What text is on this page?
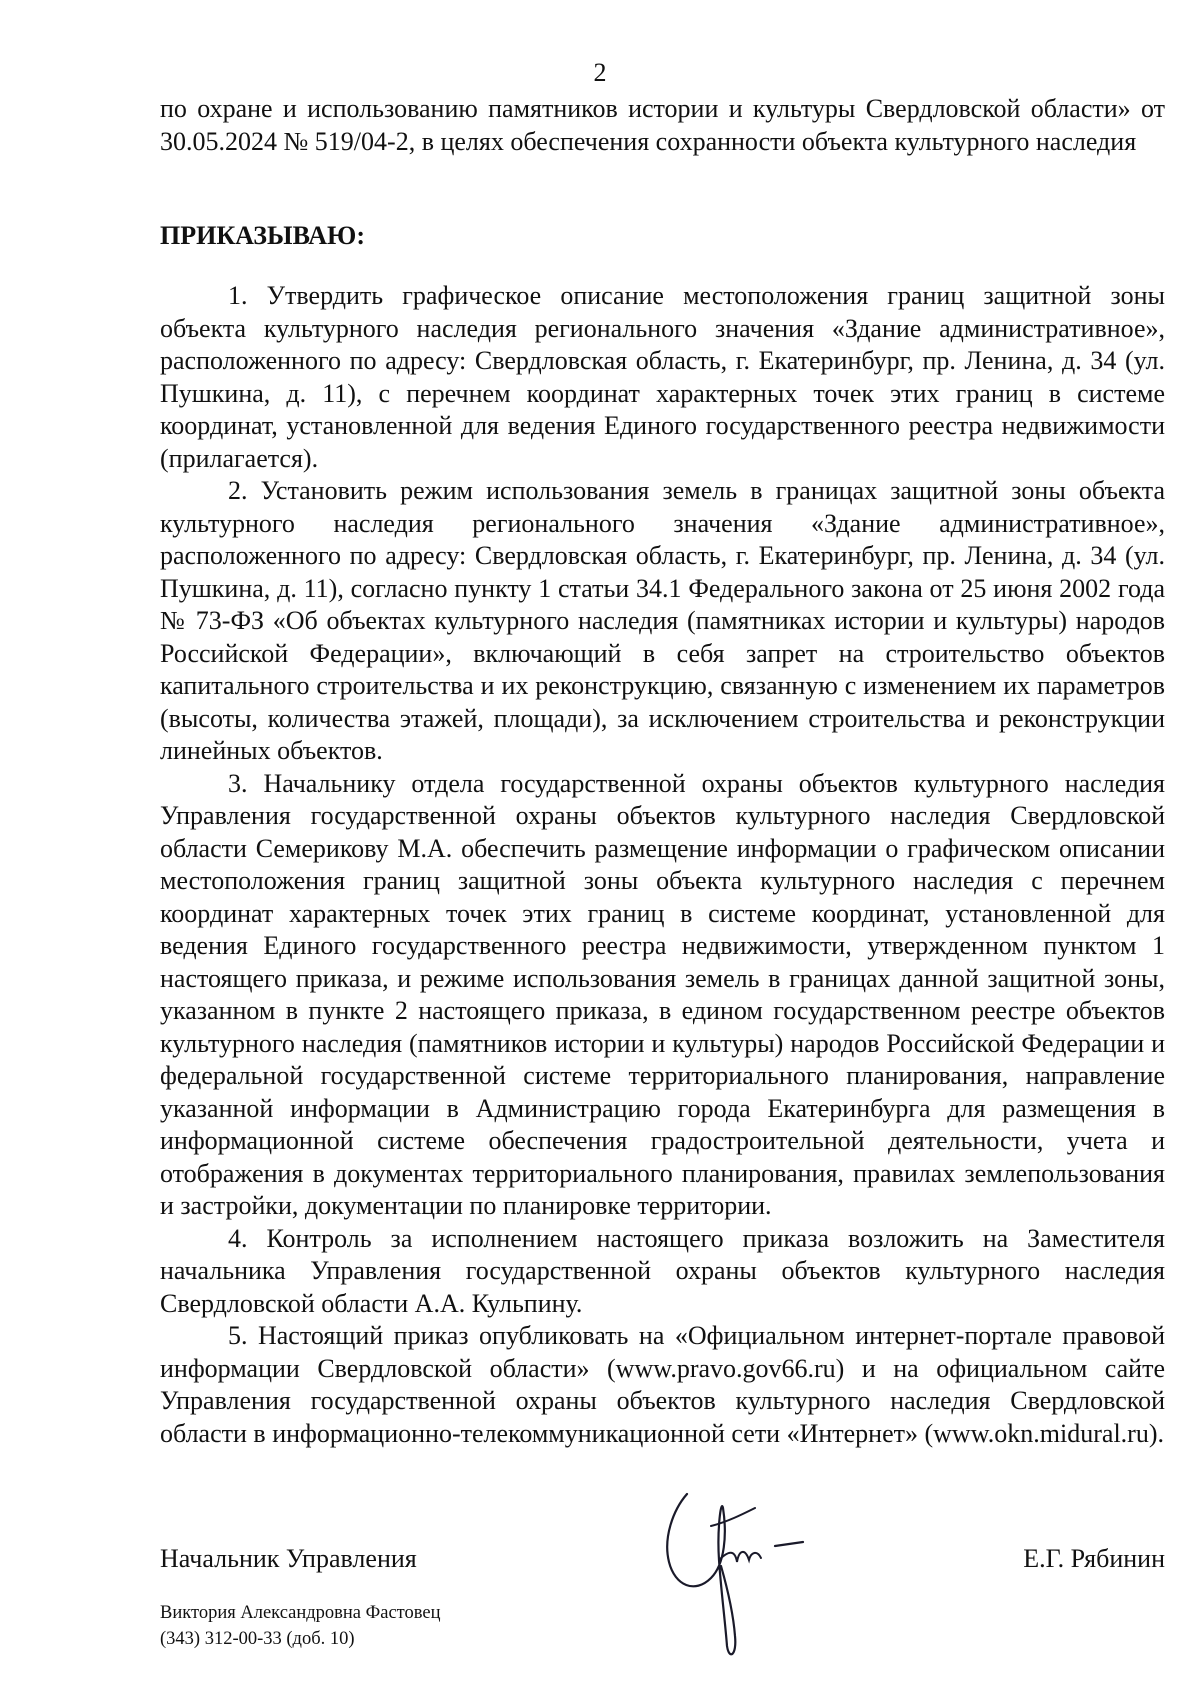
2
по охране и использованию памятников истории и культуры Свердловской области» от 30.05.2024 № 519/04-2, в целях обеспечения сохранности объекта культурного наследия
ПРИКАЗЫВАЮ:

1. Утвердить графическое описание местоположения границ защитной зоны объекта культурного наследия регионального значения «Здание административное», расположенного по адресу: Свердловская область, г. Екатеринбург, пр. Ленина, д. 34 (ул. Пушкина, д. 11), с перечнем координат характерных точек этих границ в системе координат, установленной для ведения Единого государственного реестра недвижимости (прилагается).

2. Установить режим использования земель в границах защитной зоны объекта культурного наследия регионального значения «Здание административное», расположенного по адресу: Свердловская область, г. Екатеринбург, пр. Ленина, д. 34 (ул. Пушкина, д. 11), согласно пункту 1 статьи 34.1 Федерального закона от 25 июня 2002 года № 73-ФЗ «Об объектах культурного наследия (памятниках истории и культуры) народов Российской Федерации», включающий в себя запрет на строительство объектов капитального строительства и их реконструкцию, связанную с изменением их параметров (высоты, количества этажей, площади), за исключением строительства и реконструкции линейных объектов.

3. Начальнику отдела государственной охраны объектов культурного наследия Управления государственной охраны объектов культурного наследия Свердловской области Семерикову М.А. обеспечить размещение информации о графическом описании местоположения границ защитной зоны объекта культурного наследия с перечнем координат характерных точек этих границ в системе координат, установленной для ведения Единого государственного реестра недвижимости, утвержденном пунктом 1 настоящего приказа, и режиме использования земель в границах данной защитной зоны, указанном в пункте 2 настоящего приказа, в едином государственном реестре объектов культурного наследия (памятников истории и культуры) народов Российской Федерации и федеральной государственной системе территориального планирования, направление указанной информации в Администрацию города Екатеринбурга для размещения в информационной системе обеспечения градостроительной деятельности, учета и отображения в документах территориального планирования, правилах землепользования и застройки, документации по планировке территории.

4. Контроль за исполнением настоящего приказа возложить на Заместителя начальника Управления государственной охраны объектов культурного наследия Свердловской области А.А. Кульпину.

5. Настоящий приказ опубликовать на «Официальном интернет-портале правовой информации Свердловской области» (www.pravo.gov66.ru) и на официальном сайте Управления государственной охраны объектов культурного наследия Свердловской области в информационно-телекоммуникационной сети «Интернет» (www.okn.midural.ru).

Начальник Управления	Е.Г. Рябинин
Виктория Александровна Фастовец
(343) 312-00-33 (доб. 10)
